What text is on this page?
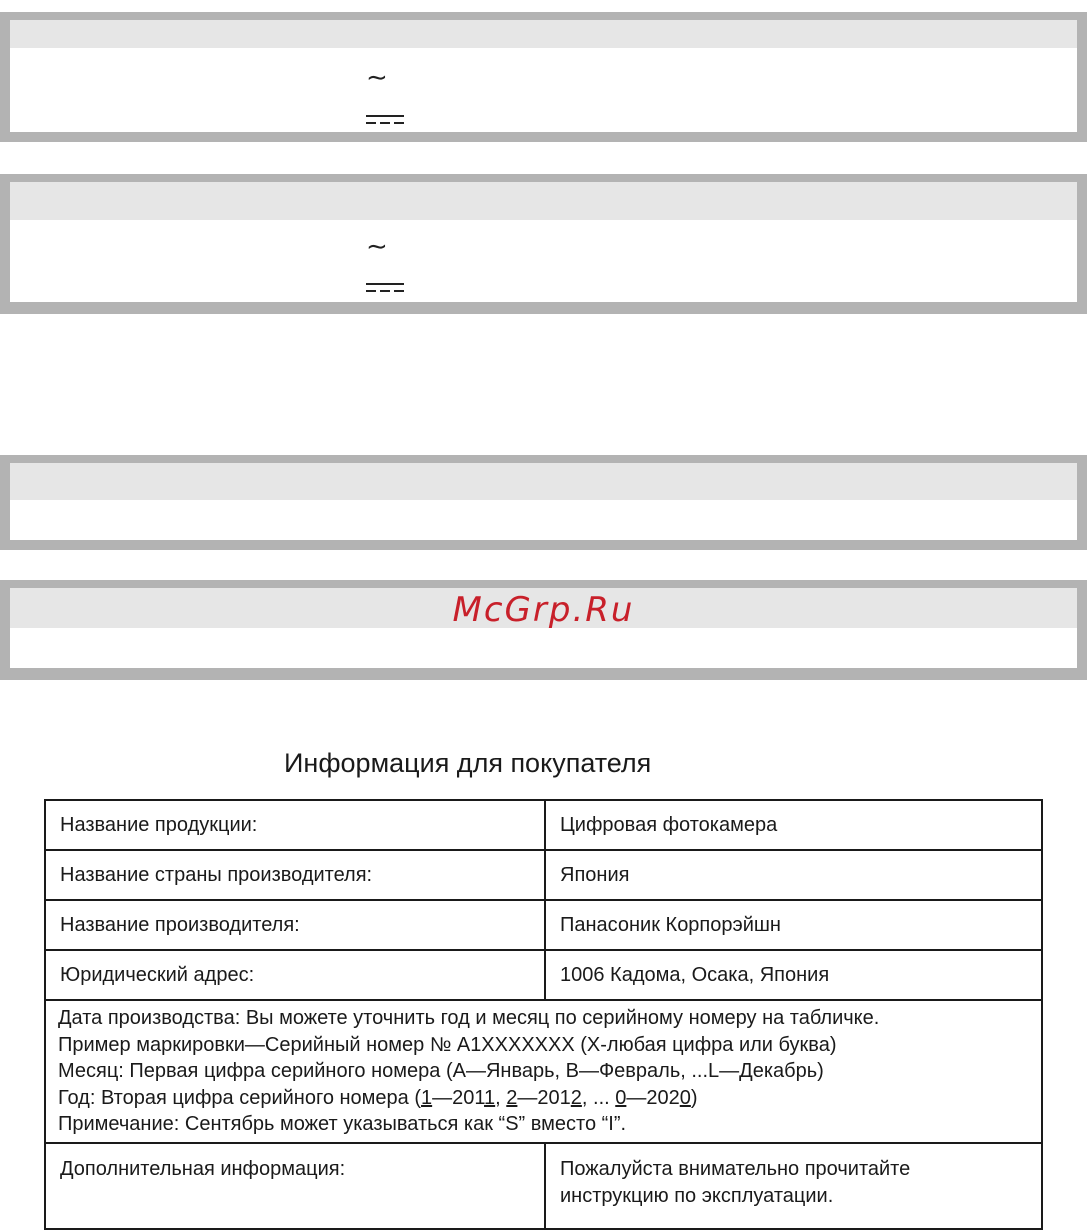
∼
∼
McGrp.Ru
Информация для покупателя
Название продукции:	Цифровая фотокамера
Название страны производителя:	Япония
Название производителя:	Панасоник Корпорэйшн
Юридический адрес:	1006 Кадома, Осака, Япония

Дата производства: Вы можете уточнить год и месяц по серийному номеру на табличке.
Пример маркировки—Серийный номер № A1XXXXXXX (X-любая цифра или буква)
Месяц: Первая цифра серийного номера (A—Январь, B—Февраль, ...L—Декабрь)
Год: Вторая цифра серийного номера (1—2011, 2—2012, ... 0—2020)
Примечание: Сентябрь может указываться как “S” вместо “I”.	

Дополнительная информация:	Пожалуйста внимательно прочитайте
инструкцию по эксплуатации.
